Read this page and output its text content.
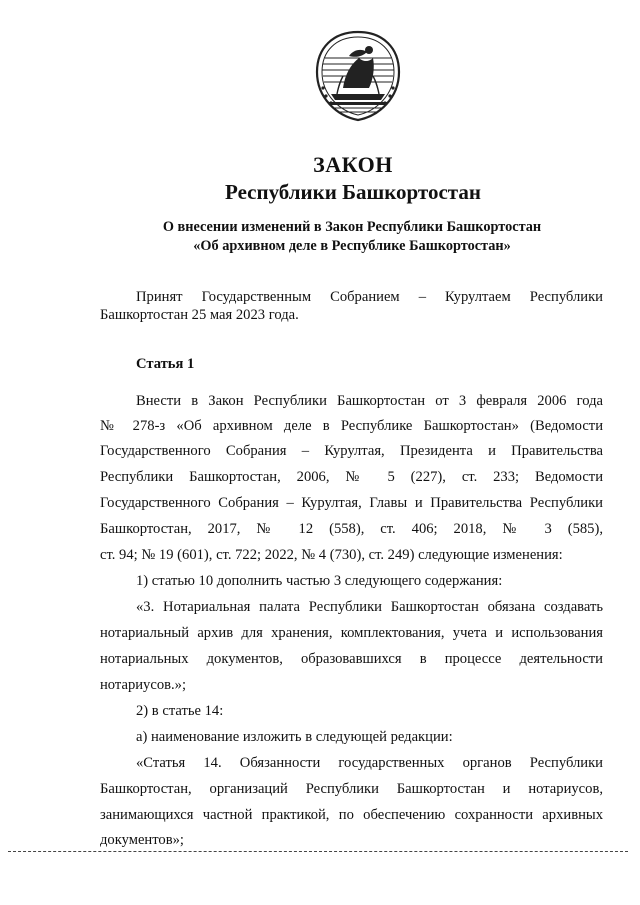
ЗАКОН
Республики Башкортостан
О внесении изменений в Закон Республики Башкортостан
«Об архивном деле в Республике Башкортостан»
Принят Государственным Собранием – Курултаем Республики
Башкортостан 25 мая 2023 года.
Статья 1
Внести в Закон Республики Башкортостан от 3 февраля 2006 года
№ 278-з «Об архивном деле в Республике Башкортостан» (Ведомости
Государственного Собрания – Курултая, Президента и Правительства
Республики Башкортостан, 2006, № 5 (227), ст. 233; Ведомости
Государственного Собрания – Курултая, Главы и Правительства Республики
Башкортостан, 2017, № 12 (558), ст. 406; 2018, № 3 (585),
ст. 94; № 19 (601), ст. 722; 2022, № 4 (730), ст. 249) следующие изменения:
1) статью 10 дополнить частью 3 следующего содержания:
«3. Нотариальная палата Республики Башкортостан обязана создавать
нотариальный архив для хранения, комплектования, учета и использования
нотариальных документов, образовавшихся в процессе деятельности
нотариусов.»;
2) в статье 14:
а) наименование изложить в следующей редакции:
«Статья 14. Обязанности государственных органов Республики
Башкортостан, организаций Республики Башкортостан и нотариусов,
занимающихся частной практикой, по обеспечению сохранности архивных
документов»;
